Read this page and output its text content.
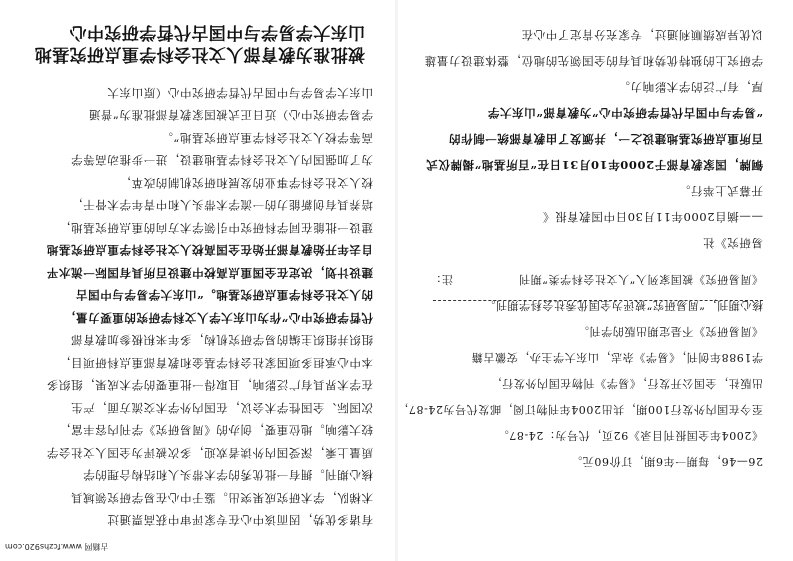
山东大学易学与中国古代哲学研究中心
被批准为教育部人文社会科学重点研究基地
山东大学易学与中国古代哲学研究中心（原山东大
学易学研究中心）近日正式被国家教育部批准为“普通
高等学校人文社会科学重点研究基地”。
为了加强国内人文社会科学基地建设，进一步推动高等学
校人文社会科学事业的发展和研究机制的改革，
培养具有创新能力的一流学术带头人和中青年学术骨干，
建设一批能在同学科研究中引领学术方向的重点研究基地，
自去年开始教育部开始在全国高校人文社会科学重点研究基地
建设计划，决定在全国重点高校中建设百所具有国际一流水平
的人文社会科学重点研究基地。“山东大学易学与中国古
代哲学研究中心”作为山东大学人文科学研究的重要力量，
组织并组织主编的易学研究机构，多年来积极参加教育部
本中心承担多项国家社会科学基金和教育部重点科研项目，
在学术界具有广泛影响，且取得一批重要的学术成果，组织多
次国际、全国性学术会议，在国内外学术交流方面，产生
较大影响。地位重要，创办的《周易研究》学刊内容丰富，
质量上乘，深受国内外读者欢迎，多次被评为全国人文社会学
核心期刊。拥有一批优秀的学术带头人和结构合理的学
术梯队，学术研究成果突出。鉴于中心在易学研究领域具
有诸多优势，因而该中心在专家评审中获高票通过
以优异成绩顺利通过，专家充分肯定了中心在
学研究上的独特优势和具有的全国领先的地位，整体建设力量雄
厚，有广泛的学术影响力。
“易学与中国古代哲学研究中心”为教育部“山东大学
百所重点研究基地建设之一，并颁发了由教育部统一制作的
铜牌，国家教育部于2000年10月31日在“百所基地”揭牌仪式
开幕式上举行。
——摘自2000年11月30日中国教育报《
易研究》社
注：	《周易研究》被国家列入“人文社会科学类”期刊
核心期刊，“周易研究”被评为全国优秀社会科学期刊。
《周易研究》不是定期出版的学刊。
学1988年创刊，《易学》杂志，山东大学主办，安徽古籍
出版社，全国公开发行，《易学》刊物在国内外发行，
至今在国内外发行100期，共出2004年刊物订阅，邮发代号为24-87，
《2004年全国报刊目录》92页，代号为：24-87。
26—46，每期一年6期，订价60元。
古籍网 www.fczhs920.com
